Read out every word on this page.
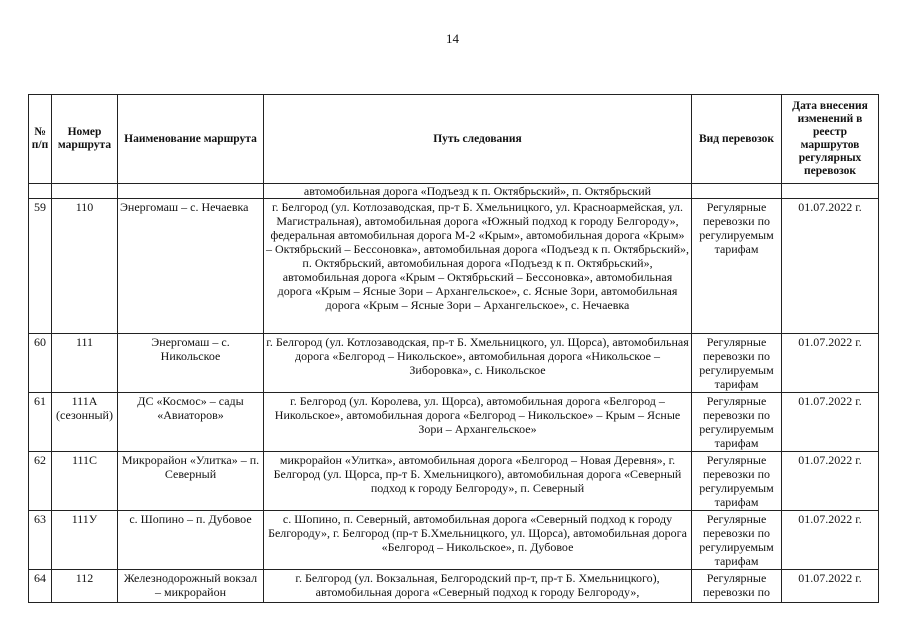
14
№ п/п	Номер маршрута	Наименование маршрута	Путь следования	Вид перевозок	Дата внесения изменений в реестр маршрутов регулярных перевозок
			автомобильная дорога «Подъезд к п. Октябрьский», п. Октябрьский		
59	110	Энергомаш – с. Нечаевка	г. Белгород (ул. Котлозаводская, пр-т Б. Хмельницкого, ул. Красноармейская, ул. Магистральная), автомобильная дорога «Южный подход к городу Белгороду», федеральная автомобильная дорога М-2 «Крым», автомобильная дорога «Крым» – Октябрьский – Бессоновка», автомобильная дорога «Подъезд к п. Октябрьский», п. Октябрьский, автомобильная дорога «Подъезд к п. Октябрьский», автомобильная дорога «Крым – Октябрьский – Бессоновка», автомобильная дорога «Крым – Ясные Зори – Архангельское», с. Ясные Зори, автомобильная дорога «Крым – Ясные Зори – Архангельское», с. Нечаевка	Регулярные перевозки по регулируемым тарифам	01.07.2022 г.
60	111	Энергомаш – с. Никольское	г. Белгород (ул. Котлозаводская, пр-т Б. Хмельницкого, ул. Щорса), автомобильная дорога «Белгород – Никольское», автомобильная дорога «Никольское – Зиборовка», с. Никольское	Регулярные перевозки по регулируемым тарифам	01.07.2022 г.
61	111А (сезонный)	ДС «Космос» – сады «Авиаторов»	г. Белгород (ул. Королева, ул. Щорса), автомобильная дорога «Белгород – Никольское», автомобильная дорога «Белгород – Никольское» – Крым – Ясные Зори – Архангельское»	Регулярные перевозки по регулируемым тарифам	01.07.2022 г.
62	111С	Микрорайон «Улитка» – п. Северный	микрорайон «Улитка», автомобильная дорога «Белгород – Новая Деревня», г. Белгород (ул. Щорса, пр-т Б. Хмельницкого), автомобильная дорога «Северный подход к городу Белгороду», п. Северный	Регулярные перевозки по регулируемым тарифам	01.07.2022 г.
63	111У	с. Шопино – п. Дубовое	с. Шопино, п. Северный, автомобильная дорога «Северный подход к городу Белгороду», г. Белгород (пр-т Б.Хмельницкого, ул. Щорса), автомобильная дорога «Белгород – Никольское», п. Дубовое	Регулярные перевозки по регулируемым тарифам	01.07.2022 г.
64	112	Железнодорожный вокзал – микрорайон	г. Белгород (ул. Вокзальная, Белгородский пр-т, пр-т Б. Хмельницкого), автомобильная дорога «Северный подход к городу Белгороду»,	Регулярные перевозки по	01.07.2022 г.
